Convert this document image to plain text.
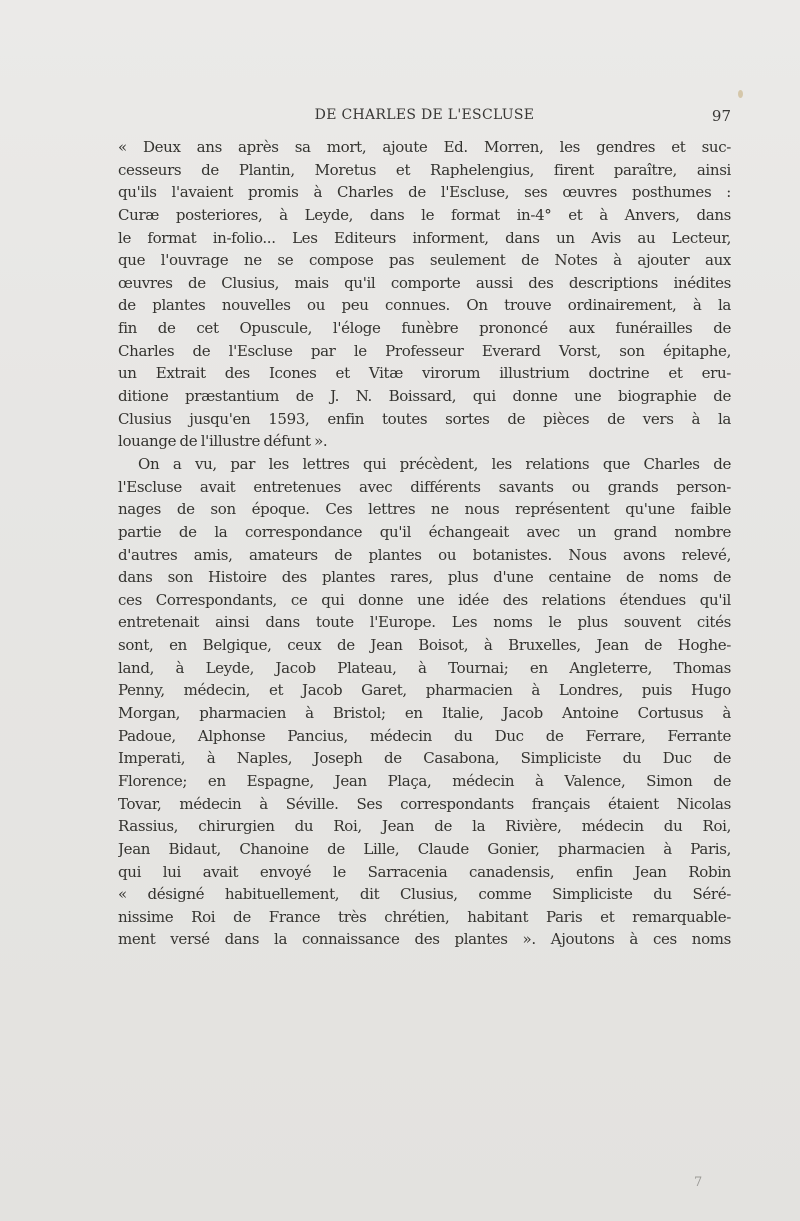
DE CHARLES DE L'ESCLUSE	97
« Deux ans après sa mort, ajoute Ed. Morren, les gendres et suc-
cesseurs de Plantin, Moretus et Raphelengius, firent paraître, ainsi
qu'ils l'avaient promis à Charles de l'Escluse, ses œuvres posthumes :
Curæ posteriores, à Leyde, dans le format in-4° et à Anvers, dans
le format in-folio... Les Editeurs informent, dans un Avis au Lecteur,
que l'ouvrage ne se compose pas seulement de Notes à ajouter aux
œuvres de Clusius, mais qu'il comporte aussi des descriptions inédites
de plantes nouvelles ou peu connues. On trouve ordinairement, à la
fin de cet Opuscule, l'éloge funèbre prononcé aux funérailles de
Charles de l'Escluse par le Professeur Everard Vorst, son épitaphe,
un Extrait des Icones et Vitæ virorum illustrium doctrine et eru-
ditione præstantium de J. N. Boissard, qui donne une biographie de
Clusius jusqu'en 1593, enfin toutes sortes de pièces de vers à la
louange de l'illustre défunt ».
On a vu, par les lettres qui précèdent, les relations que Charles de
l'Escluse avait entretenues avec différents savants ou grands person-
nages de son époque. Ces lettres ne nous représentent qu'une faible
partie de la correspondance qu'il échangeait avec un grand nombre
d'autres amis, amateurs de plantes ou botanistes. Nous avons relevé,
dans son Histoire des plantes rares, plus d'une centaine de noms de
ces Correspondants, ce qui donne une idée des relations étendues qu'il
entretenait ainsi dans toute l'Europe. Les noms le plus souvent cités
sont, en Belgique, ceux de Jean Boisot, à Bruxelles, Jean de Hoghe-
land, à Leyde, Jacob Plateau, à Tournai; en Angleterre, Thomas
Penny, médecin, et Jacob Garet, pharmacien à Londres, puis Hugo
Morgan, pharmacien à Bristol; en Italie, Jacob Antoine Cortusus à
Padoue, Alphonse Pancius, médecin du Duc de Ferrare, Ferrante
Imperati, à Naples, Joseph de Casabona, Simpliciste du Duc de
Florence; en Espagne, Jean Plaça, médecin à Valence, Simon de
Tovar, médecin à Séville. Ses correspondants français étaient Nicolas
Rassius, chirurgien du Roi, Jean de la Rivière, médecin du Roi,
Jean Bidaut, Chanoine de Lille, Claude Gonier, pharmacien à Paris,
qui lui avait envoyé le Sarracenia canadensis, enfin Jean Robin
« désigné habituellement, dit Clusius, comme Simpliciste du Séré-
nissime Roi de France très chrétien, habitant Paris et remarquable-
ment versé dans la connaissance des plantes ». Ajoutons à ces noms
7
